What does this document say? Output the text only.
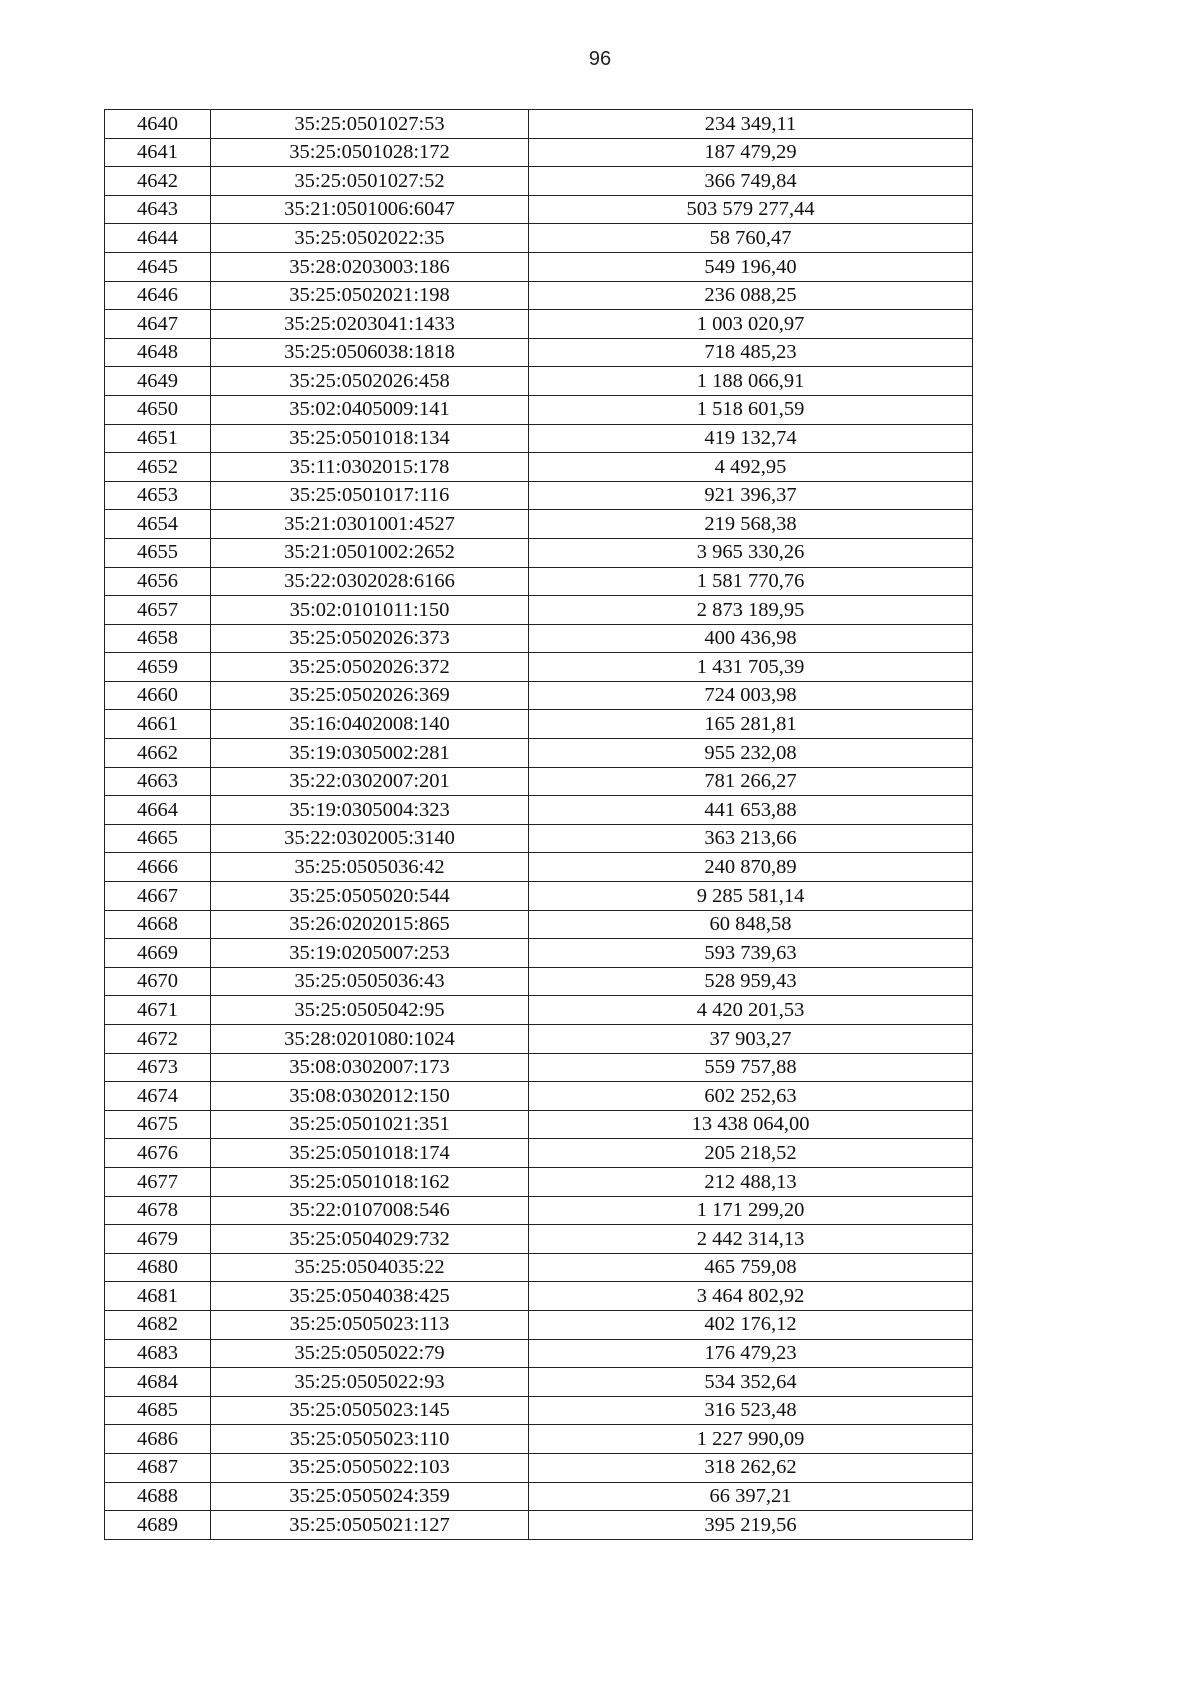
96
4640	35:25:0501027:53	234 349,11
4641	35:25:0501028:172	187 479,29
4642	35:25:0501027:52	366 749,84
4643	35:21:0501006:6047	503 579 277,44
4644	35:25:0502022:35	58 760,47
4645	35:28:0203003:186	549 196,40
4646	35:25:0502021:198	236 088,25
4647	35:25:0203041:1433	1 003 020,97
4648	35:25:0506038:1818	718 485,23
4649	35:25:0502026:458	1 188 066,91
4650	35:02:0405009:141	1 518 601,59
4651	35:25:0501018:134	419 132,74
4652	35:11:0302015:178	4 492,95
4653	35:25:0501017:116	921 396,37
4654	35:21:0301001:4527	219 568,38
4655	35:21:0501002:2652	3 965 330,26
4656	35:22:0302028:6166	1 581 770,76
4657	35:02:0101011:150	2 873 189,95
4658	35:25:0502026:373	400 436,98
4659	35:25:0502026:372	1 431 705,39
4660	35:25:0502026:369	724 003,98
4661	35:16:0402008:140	165 281,81
4662	35:19:0305002:281	955 232,08
4663	35:22:0302007:201	781 266,27
4664	35:19:0305004:323	441 653,88
4665	35:22:0302005:3140	363 213,66
4666	35:25:0505036:42	240 870,89
4667	35:25:0505020:544	9 285 581,14
4668	35:26:0202015:865	60 848,58
4669	35:19:0205007:253	593 739,63
4670	35:25:0505036:43	528 959,43
4671	35:25:0505042:95	4 420 201,53
4672	35:28:0201080:1024	37 903,27
4673	35:08:0302007:173	559 757,88
4674	35:08:0302012:150	602 252,63
4675	35:25:0501021:351	13 438 064,00
4676	35:25:0501018:174	205 218,52
4677	35:25:0501018:162	212 488,13
4678	35:22:0107008:546	1 171 299,20
4679	35:25:0504029:732	2 442 314,13
4680	35:25:0504035:22	465 759,08
4681	35:25:0504038:425	3 464 802,92
4682	35:25:0505023:113	402 176,12
4683	35:25:0505022:79	176 479,23
4684	35:25:0505022:93	534 352,64
4685	35:25:0505023:145	316 523,48
4686	35:25:0505023:110	1 227 990,09
4687	35:25:0505022:103	318 262,62
4688	35:25:0505024:359	66 397,21
4689	35:25:0505021:127	395 219,56
